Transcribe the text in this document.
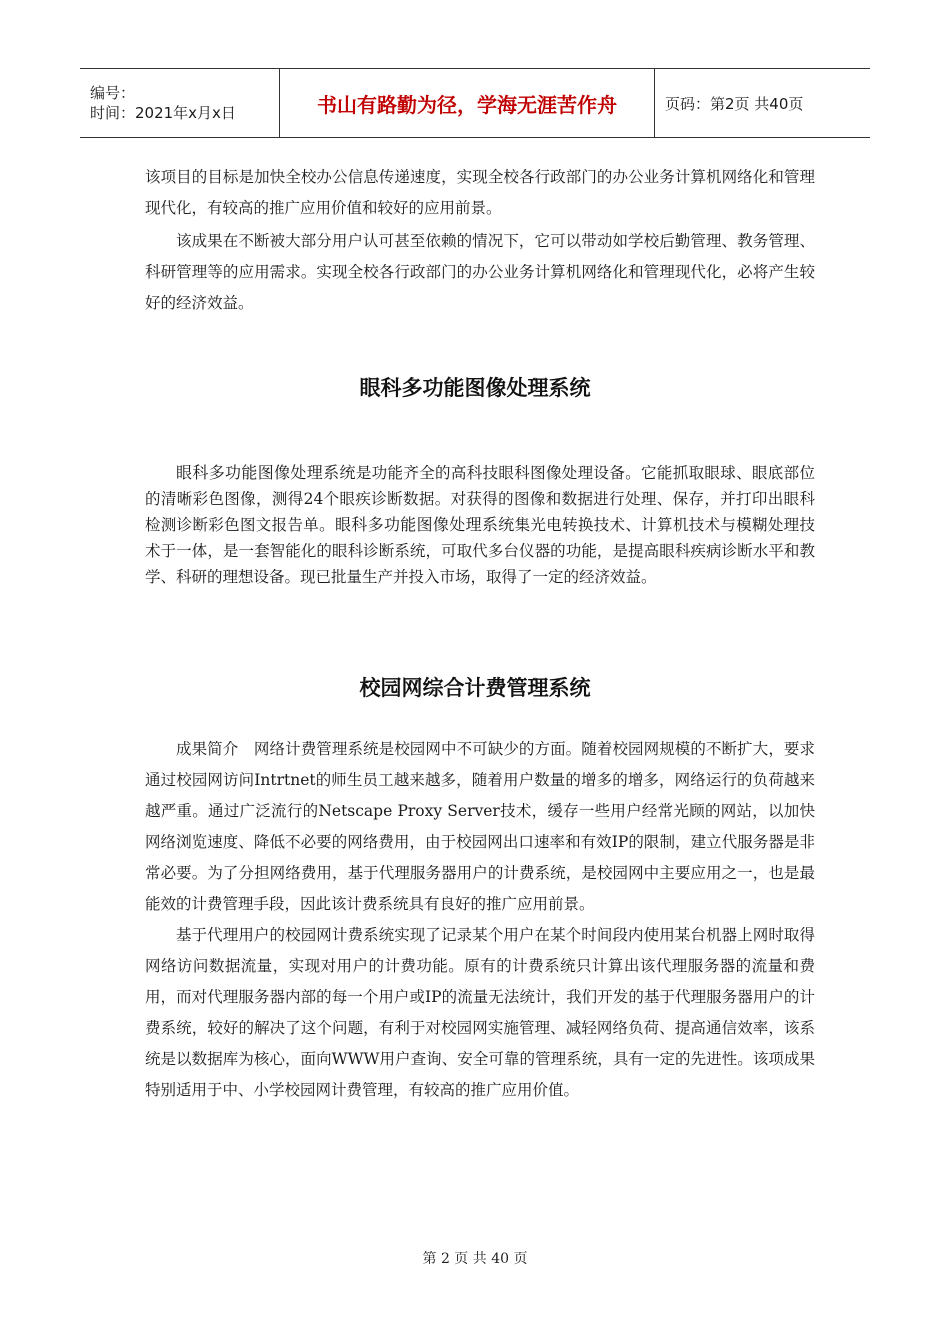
编号：
时间：2021年x月x日	书山有路勤为径，学海无涯苦作舟	页码：第2页 共40页

该项目的目标是加快全校办公信息传递速度，实现全校各行政部门的办公业务计算机网络化和管理现代化，有较高的推广应用价值和较好的应用前景。

该成果在不断被大部分用户认可甚至依赖的情况下，它可以带动如学校后勤管理、教务管理、科研管理等的应用需求。实现全校各行政部门的办公业务计算机网络化和管理现代化，必将产生较好的经济效益。

眼科多功能图像处理系统

眼科多功能图像处理系统是功能齐全的高科技眼科图像处理设备。它能抓取眼球、眼底部位的清晰彩色图像，测得24个眼疾诊断数据。对获得的图像和数据进行处理、保存，并打印出眼科检测诊断彩色图文报告单。眼科多功能图像处理系统集光电转换技术、计算机技术与模糊处理技术于一体，是一套智能化的眼科诊断系统，可取代多台仪器的功能，是提高眼科疾病诊断水平和教学、科研的理想设备。现已批量生产并投入市场，取得了一定的经济效益。

校园网综合计费管理系统

成果简介　网络计费管理系统是校园网中不可缺少的方面。随着校园网规模的不断扩大，要求通过校园网访问Intrtnet的师生员工越来越多，随着用户数量的增多的增多，网络运行的负荷越来越严重。通过广泛流行的Netscape Proxy Server技术，缓存一些用户经常光顾的网站，以加快网络浏览速度、降低不必要的网络费用，由于校园网出口速率和有效IP的限制，建立代服务器是非常必要。为了分担网络费用，基于代理服务器用户的计费系统，是校园网中主要应用之一，也是最能效的计费管理手段，因此该计费系统具有良好的推广应用前景。

基于代理用户的校园网计费系统实现了记录某个用户在某个时间段内使用某台机器上网时取得网络访问数据流量，实现对用户的计费功能。原有的计费系统只计算出该代理服务器的流量和费用，而对代理服务器内部的每一个用户或IP的流量无法统计，我们开发的基于代理服务器用户的计费系统，较好的解决了这个问题，有利于对校园网实施管理、减轻网络负荷、提高通信效率，该系统是以数据库为核心，面向WWW用户查询、安全可靠的管理系统，具有一定的先进性。该项成果特别适用于中、小学校园网计费管理，有较高的推广应用价值。

第 2 页 共 40 页
